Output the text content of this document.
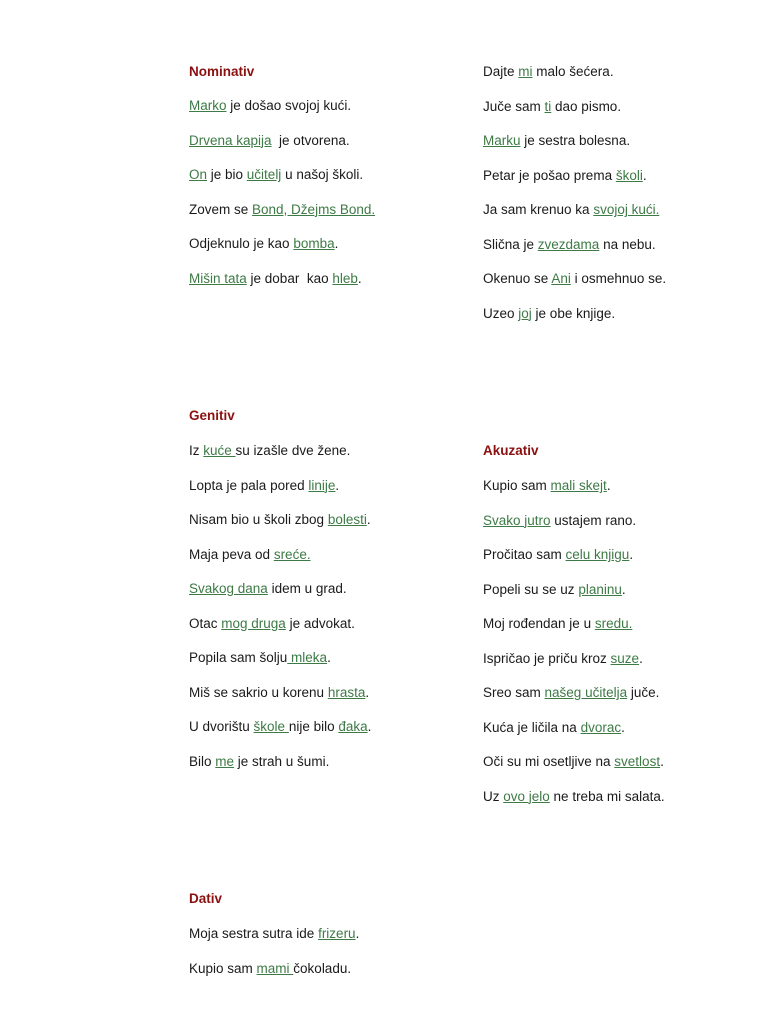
Nominativ
Marko je došao svojoj kući.
Drvena kapija  je otvorena.
On je bio učitelj u našoj školi.
Zovem se Bond, Džejms Bond.
Odjeknulo je kao bomba.
Mišin tata je dobar  kao hleb.
Dajte mi malo šećera.
Juče sam ti dao pismo.
Marku je sestra bolesna.
Petar je pošao prema školi.
Ja sam krenuo ka svojoj kući.
Slična je zvezdama na nebu.
Okenuo se Ani i osmehnuo se.
Uzeo joj je obe knjige.
Genitiv
Iz kuće su izašle dve žene.
Lopta je pala pored linije.
Nisam bio u školi zbog bolesti.
Maja peva od sreće.
Svakog dana idem u grad.
Otac mog druga je advokat.
Popila sam šolju mleka.
Miš se sakrio u korenu hrasta.
U dvorištu škole nije bilo đaka.
Bilo me je strah u šumi.
Akuzativ
Kupio sam mali skejt.
Svako jutro ustajem rano.
Pročitao sam celu knjigu.
Popeli su se uz planinu.
Moj rođendan je u sredu.
Ispričao je priču kroz suze.
Sreo sam našeg učitelja juče.
Kuća je ličila na dvorac.
Oči su mi osetljive na svetlost.
Uz ovo jelo ne treba mi salata.
Dativ
Moja sestra sutra ide frizeru.
Kupio sam mami čokoladu.
